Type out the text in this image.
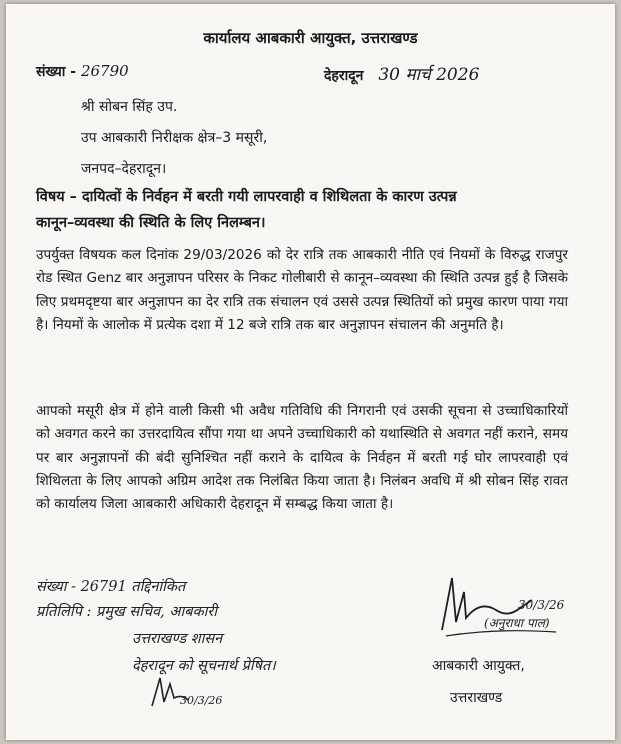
कार्यालय आबकारी आयुक्त, उत्तराखण्ड
संख्या - 26790	देहरादून 30 मार्च 2026
श्री सोबन सिंह उप.
उप आबकारी निरीक्षक क्षेत्र–3 मसूरी,
जनपद–देहरादून।
विषय – दायित्वों के निर्वहन में बरती गयी लापरवाही व शिथिलता के कारण उत्पन्न
कानून–व्यवस्था की स्थिति के लिए निलम्बन।

उपर्युक्त विषयक कल दिनांक 29/03/2026 को देर रात्रि तक आबकारी नीति एवं नियमों के विरुद्ध राजपुर रोड स्थित Genz बार अनुज्ञापन परिसर के निकट गोलीबारी से कानून–व्यवस्था की स्थिति उत्पन्न हुई है जिसके लिए प्रथमदृष्टया बार अनुज्ञापन का देर रात्रि तक संचालन एवं उससे उत्पन्न स्थितियों को प्रमुख कारण पाया गया है। नियमों के आलोक में प्रत्येक दशा में 12 बजे रात्रि तक बार अनुज्ञापन संचालन की अनुमति है।

आपको मसूरी क्षेत्र में होने वाली किसी भी अवैध गतिविधि की निगरानी एवं उसकी सूचना से उच्चाधिकारियों को अवगत करने का उत्तरदायित्व सौंपा गया था अपने उच्चाधिकारी को यथास्थिति से अवगत नहीं कराने, समय पर बार अनुज्ञापनों की बंदी सुनिश्चित नहीं कराने के दायित्व के निर्वहन में बरती गई घोर लापरवाही एवं शिथिलता के लिए आपको अग्रिम आदेश तक निलंबित किया जाता है। निलंबन अवधि में श्री सोबन सिंह रावत को कार्यालय जिला आबकारी अधिकारी देहरादून में सम्बद्ध किया जाता है।

संख्या - 26791 तद्दिनांकित
प्रतिलिपि : प्रमुख सचिव, आबकारी
उत्तराखण्ड शासन
देहरादून को सूचनार्थ प्रेषित।
30/3/26
(अनुराधा पाल)
30/3/26
आबकारी आयुक्त,
उत्तराखण्ड
